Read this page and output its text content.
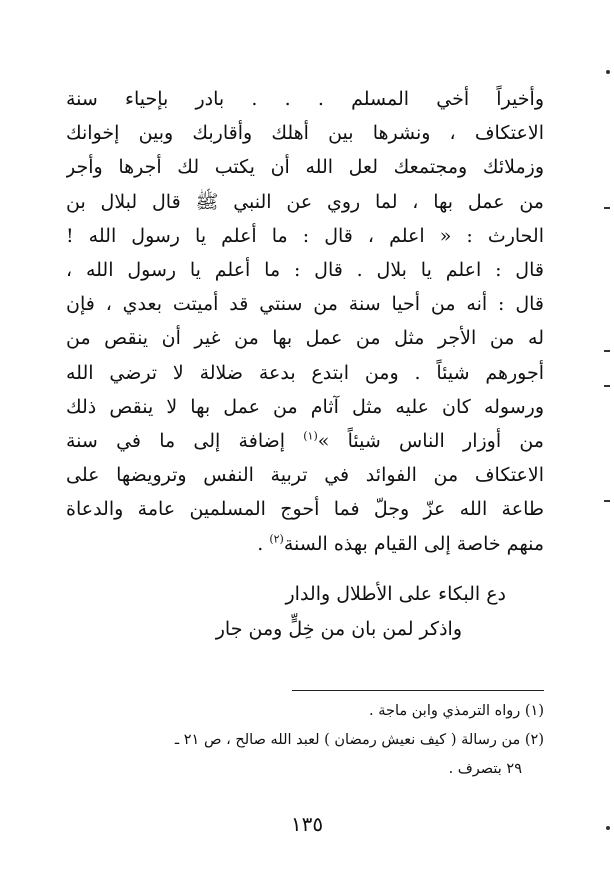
وأخيراً أخي المسلم . . . بادر بإحياء سنة
الاعتكاف ، ونشرها بين أهلك وأقاربك وبين إخوانك
وزملائك ومجتمعك لعل الله أن يكتب لك أجرها وأجر
من عمل بها ، لما روي عن النبي ﷺ قال لبلال بن
الحارث : « اعلم ، قال : ما أعلم يا رسول الله !
قال : اعلم يا بلال . قال : ما أعلم يا رسول الله ،
قال : أنه من أحيا سنة من سنتي قد أميتت بعدي ، فإن
له من الأجر مثل من عمل بها من غير أن ينقص من
أجورهم شيئاً . ومن ابتدع بدعة ضلالة لا ترضي الله
ورسوله كان عليه مثل آثام من عمل بها لا ينقص ذلك
من أوزار الناس شيئاً »$^{(١)}$ إضافة إلى ما في سنة
الاعتكاف من الفوائد في تربية النفس وترويضها على
طاعة الله عزّ وجلّ فما أحوج المسلمين عامة والدعاة
منهم خاصة إلى القيام بهذه السنة$^{(٢)}$ .
دع البكاء على الأطلال والدار
واذكر لمن بان من خِلٍّ ومن جار
(١) رواه الترمذي وابن ماجة .
(٢) من رسالة ( كيف نعيش رمضان ) لعبد الله صالح ، ص ٢١ ـ
٢٩ بتصرف .
١٣٥
